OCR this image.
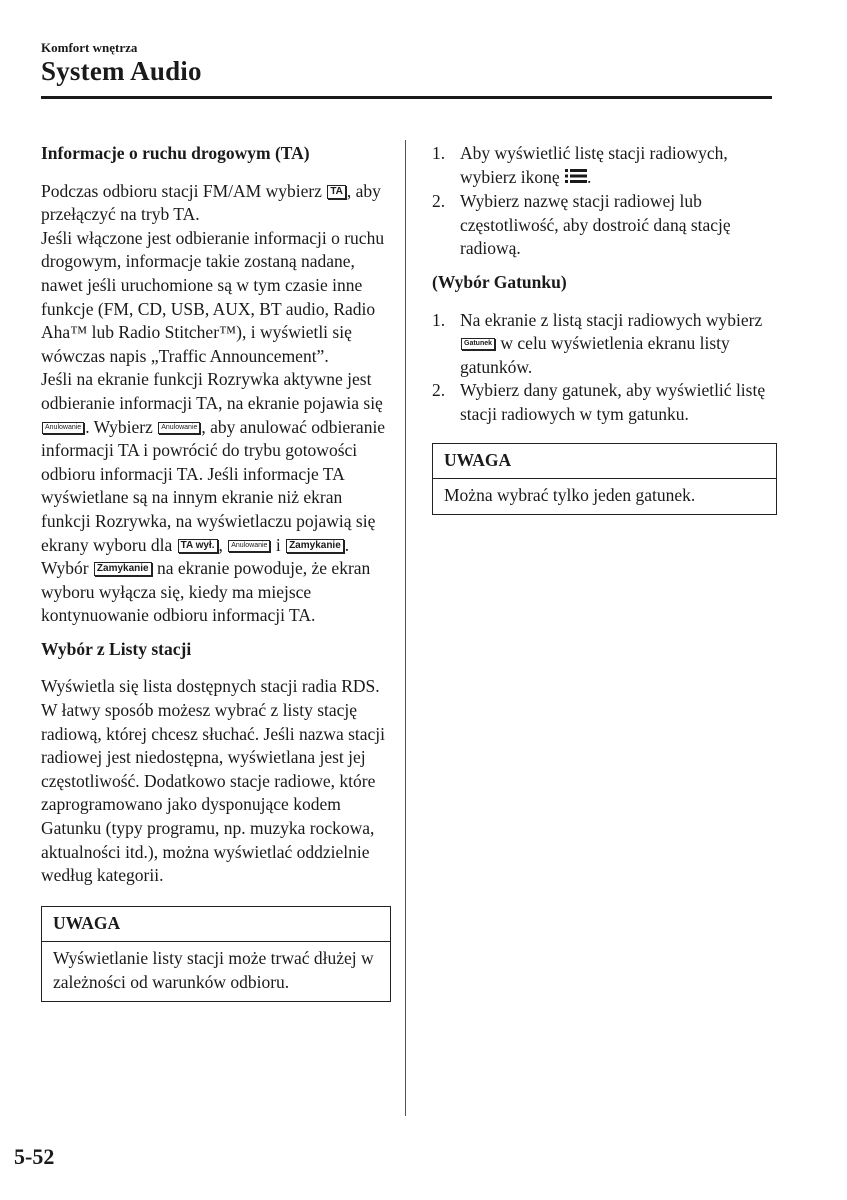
Komfort wnętrza
System Audio

Informacje o ruchu drogowym (TA)

Podczas odbioru stacji FM/AM wybierz TA , aby przełączyć na tryb TA.

Jeśli włączone jest odbieranie informacji o ruchu drogowym, informacje takie zostaną nadane, nawet jeśli uruchomione są w tym czasie inne funkcje (FM, CD, USB, AUX, BT audio, Radio Aha™ lub Radio Stitcher™), i wyświetli się wówczas napis „Traffic Announcement”.

Jeśli na ekranie funkcji Rozrywka aktywne jest odbieranie informacji TA, na ekranie pojawia się Anulowanie . Wybierz Anulowanie , aby anulować odbieranie informacji TA i powrócić do trybu gotowości odbioru informacji TA. Jeśli informacje TA wyświetlane są na innym ekranie niż ekran funkcji Rozrywka, na wyświetlaczu pojawią się ekrany wyboru dla TA wył. , Anulowanie i Zamykanie . Wybór Zamykanie na ekranie powoduje, że ekran wyboru wyłącza się, kiedy ma miejsce kontynuowanie odbioru informacji TA.

Wybór z Listy stacji

Wyświetla się lista dostępnych stacji radia RDS. W łatwy sposób możesz wybrać z listy stację radiową, której chcesz słuchać. Jeśli nazwa stacji radiowej jest niedostępna, wyświetlana jest jej częstotliwość. Dodatkowo stacje radiowe, które zaprogramowano jako dysponujące kodem Gatunku (typy programu, np. muzyka rockowa, aktualności itd.), można wyświetlać oddzielnie według kategorii.

UWAGA
Wyświetlanie listy stacji może trwać dłużej w zależności od warunków odbioru.
1. Aby wyświetlić listę stacji radiowych, wybierz ikonę .
2. Wybierz nazwę stacji radiowej lub częstotliwość, aby dostroić daną stację radiową.

(Wybór Gatunku)

1. Na ekranie z listą stacji radiowych wybierz Gatunek w celu wyświetlenia ekranu listy gatunków.
2. Wybierz dany gatunek, aby wyświetlić listę stacji radiowych w tym gatunku.
UWAGA
Można wybrać tylko jeden gatunek.
5-52
